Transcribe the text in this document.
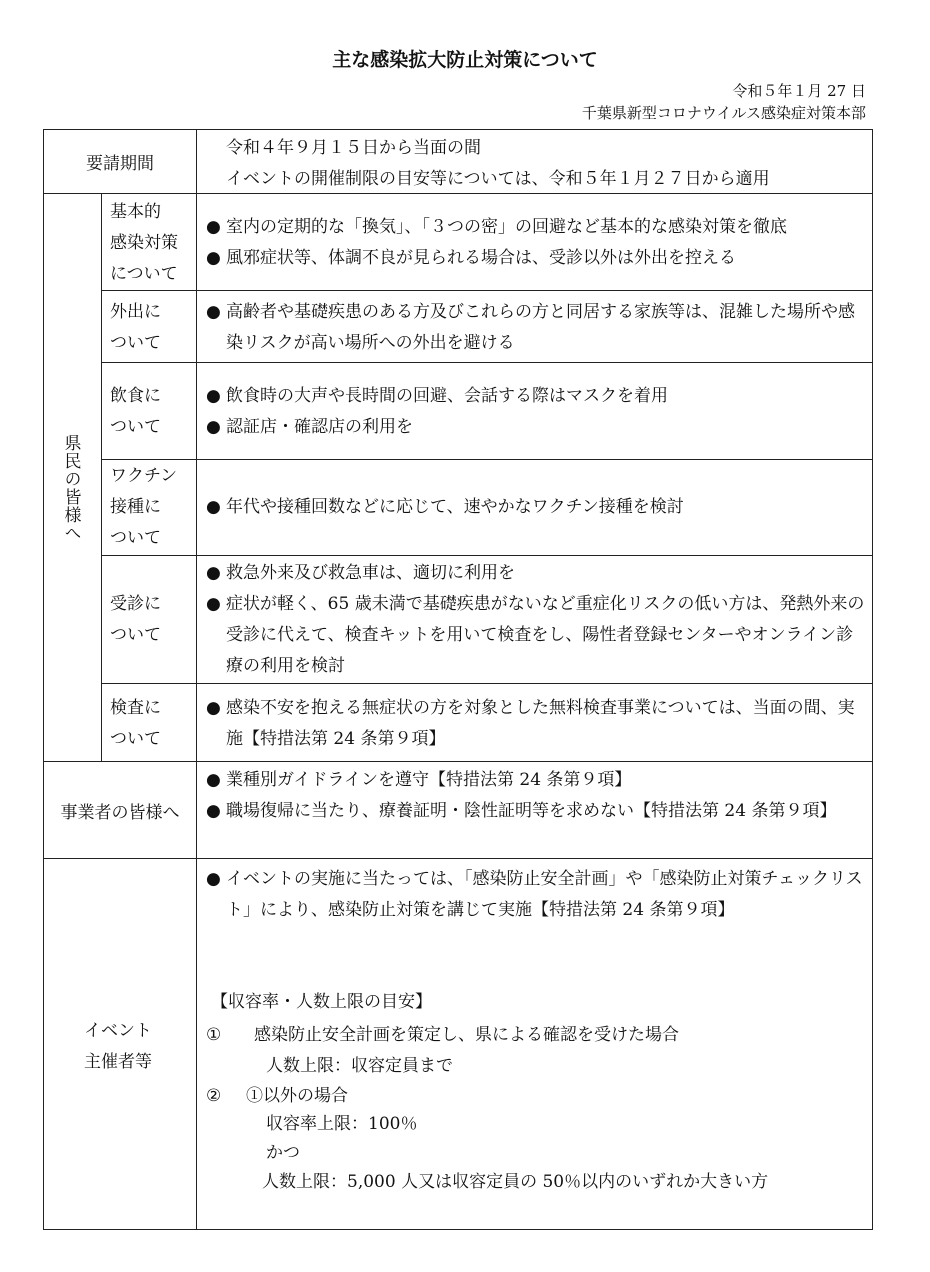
主な感染拡大防止対策について
令和５年１月 27 日
千葉県新型コロナウイルス感染症対策本部
要請期間
令和４年９月１５日から当面の間
イベントの開催制限の目安等については、令和５年１月２７日から適用
県民の皆様へ
基本的
感染対策
について
● 室内の定期的な「換気」、「３つの密」の回避など基本的な感染対策を徹底
● 風邪症状等、体調不良が見られる場合は、受診以外は外出を控える
外出に
ついて
● 高齢者や基礎疾患のある方及びこれらの方と同居する家族等は、混雑した場所や感染リスクが高い場所への外出を避ける
飲食に
ついて
● 飲食時の大声や長時間の回避、会話する際はマスクを着用
● 認証店・確認店の利用を
ワクチン
接種に
ついて
● 年代や接種回数などに応じて、速やかなワクチン接種を検討
受診に
ついて
● 救急外来及び救急車は、適切に利用を
● 症状が軽く、65 歳未満で基礎疾患がないなど重症化リスクの低い方は、発熱外来の受診に代えて、検査キットを用いて検査をし、陽性者登録センターやオンライン診療の利用を検討
検査に
ついて
● 感染不安を抱える無症状の方を対象とした無料検査事業については、当面の間、実施【特措法第 24 条第９項】
事業者の皆様へ
● 業種別ガイドラインを遵守【特措法第 24 条第９項】
● 職場復帰に当たり、療養証明・陰性証明等を求めない【特措法第 24 条第９項】
イベント
主催者等
● イベントの実施に当たっては、「感染防止安全計画」や「感染防止対策チェックリスト」により、感染防止対策を講じて実施【特措法第 24 条第９項】
【収容率・人数上限の目安】
① 感染防止安全計画を策定し、県による確認を受けた場合
人数上限：収容定員まで
② ①以外の場合
収容率上限：100％
かつ
人数上限：5,000 人又は収容定員の 50％以内のいずれか大きい方
